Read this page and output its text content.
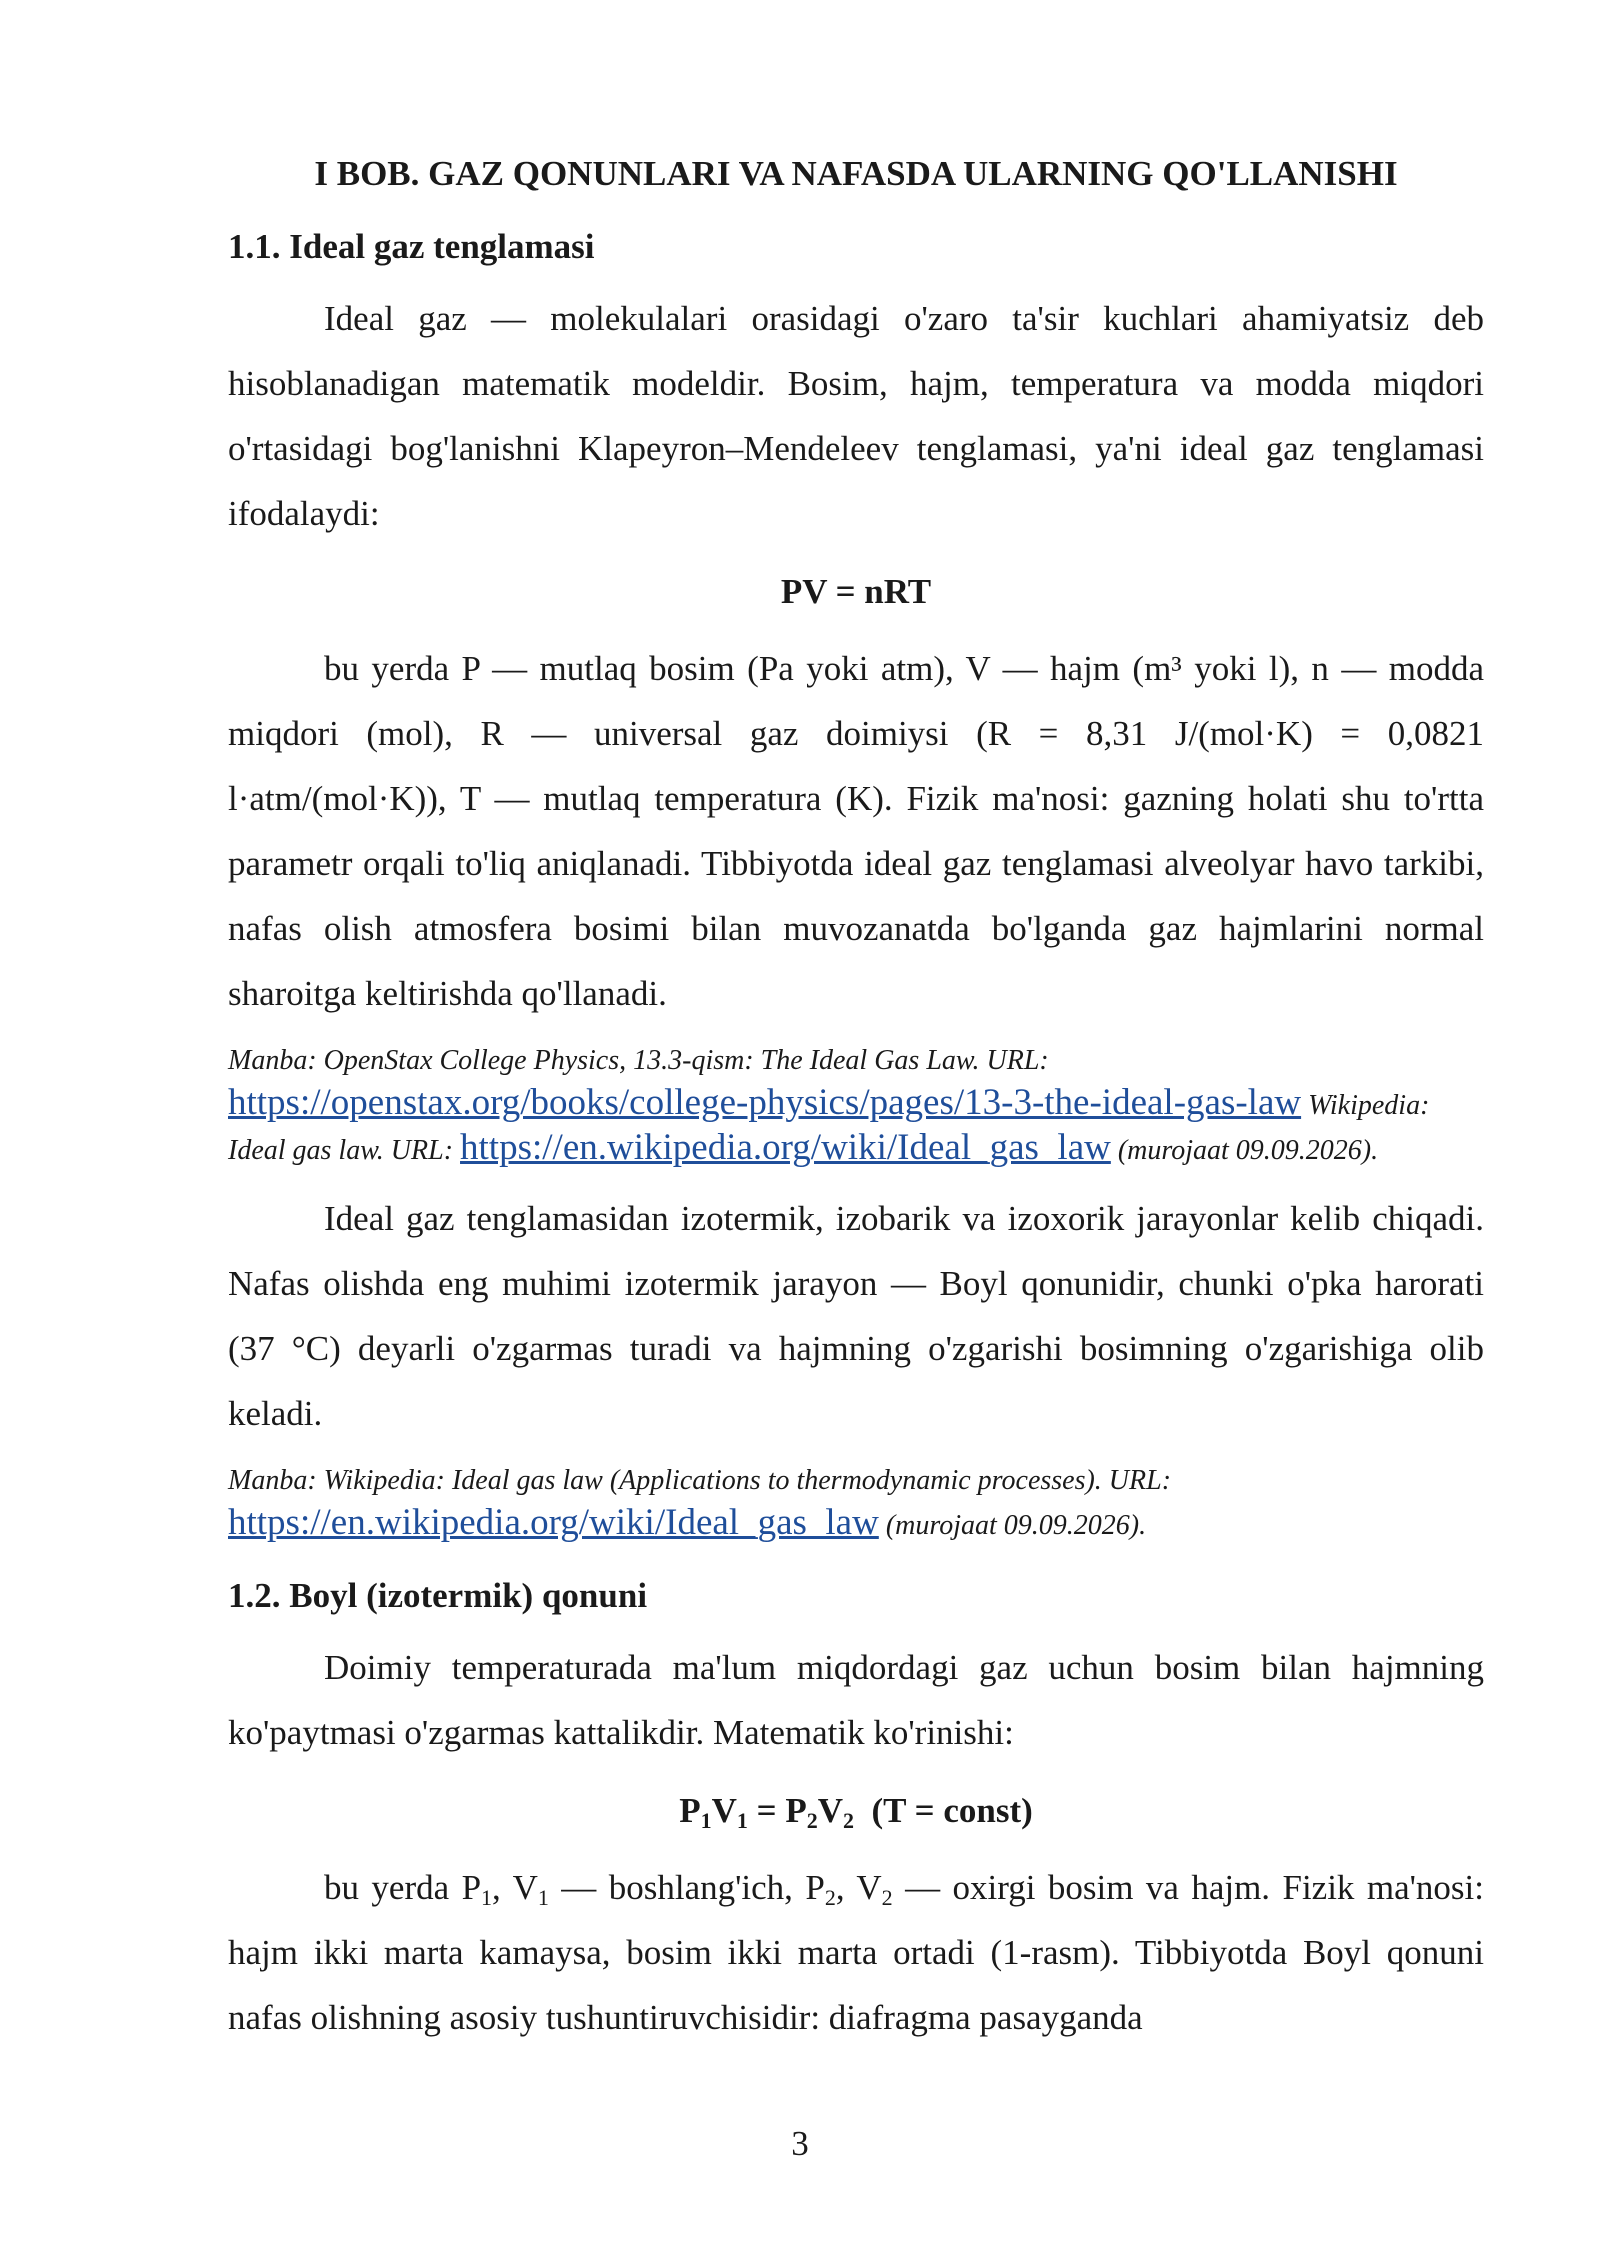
I BOB. GAZ QONUNLARI VA NAFASDA ULARNING QO'LLANISHI
1.1. Ideal gaz tenglamasi

Ideal gaz — molekulalari orasidagi o'zaro ta'sir kuchlari ahamiyatsiz deb hisoblanadigan matematik modeldir. Bosim, hajm, temperatura va modda miqdori o'rtasidagi bog'lanishni Klapeyron–Mendeleev tenglamasi, ya'ni ideal gaz tenglamasi ifodalaydi:

PV = nRT

bu yerda P — mutlaq bosim (Pa yoki atm), V — hajm (m³ yoki l), n — modda miqdori (mol), R — universal gaz doimiysi (R = 8,31 J/(mol·K) = 0,0821 l·atm/(mol·K)), T — mutlaq temperatura (K). Fizik ma'nosi: gazning holati shu to'rtta parametr orqali to'liq aniqlanadi. Tibbiyotda ideal gaz tenglamasi alveolyar havo tarkibi, nafas olish atmosfera bosimi bilan muvozanatda bo'lganda gaz hajmlarini normal sharoitga keltirishda qo'llanadi.

Manba: OpenStax College Physics, 13.3-qism: The Ideal Gas Law. URL:
https://openstax.org/books/college-physics/pages/13-3-the-ideal-gas-law Wikipedia: Ideal gas law. URL: https://en.wikipedia.org/wiki/Ideal_gas_law (murojaat 09.09.2026).

Ideal gaz tenglamasidan izotermik, izobarik va izoxorik jarayonlar kelib chiqadi. Nafas olishda eng muhimi izotermik jarayon — Boyl qonunidir, chunki o'pka harorati (37 °C) deyarli o'zgarmas turadi va hajmning o'zgarishi bosimning o'zgarishiga olib keladi.

Manba: Wikipedia: Ideal gas law (Applications to thermodynamic processes). URL:
https://en.wikipedia.org/wiki/Ideal_gas_law (murojaat 09.09.2026).

1.2. Boyl (izotermik) qonuni

Doimiy temperaturada ma'lum miqdordagi gaz uchun bosim bilan hajmning ko'paytmasi o'zgarmas kattalikdir. Matematik ko'rinishi:

$P_1V_1 = P_2V_2$ (T = const)

bu yerda $P_1$, $V_1$ — boshlang'ich, $P_2$, $V_2$ — oxirgi bosim va hajm. Fizik ma'nosi: hajm ikki marta kamaysa, bosim ikki marta ortadi (1-rasm). Tibbiyotda Boyl qonuni nafas olishning asosiy tushuntiruvchisidir: diafragma pasayganda

3
